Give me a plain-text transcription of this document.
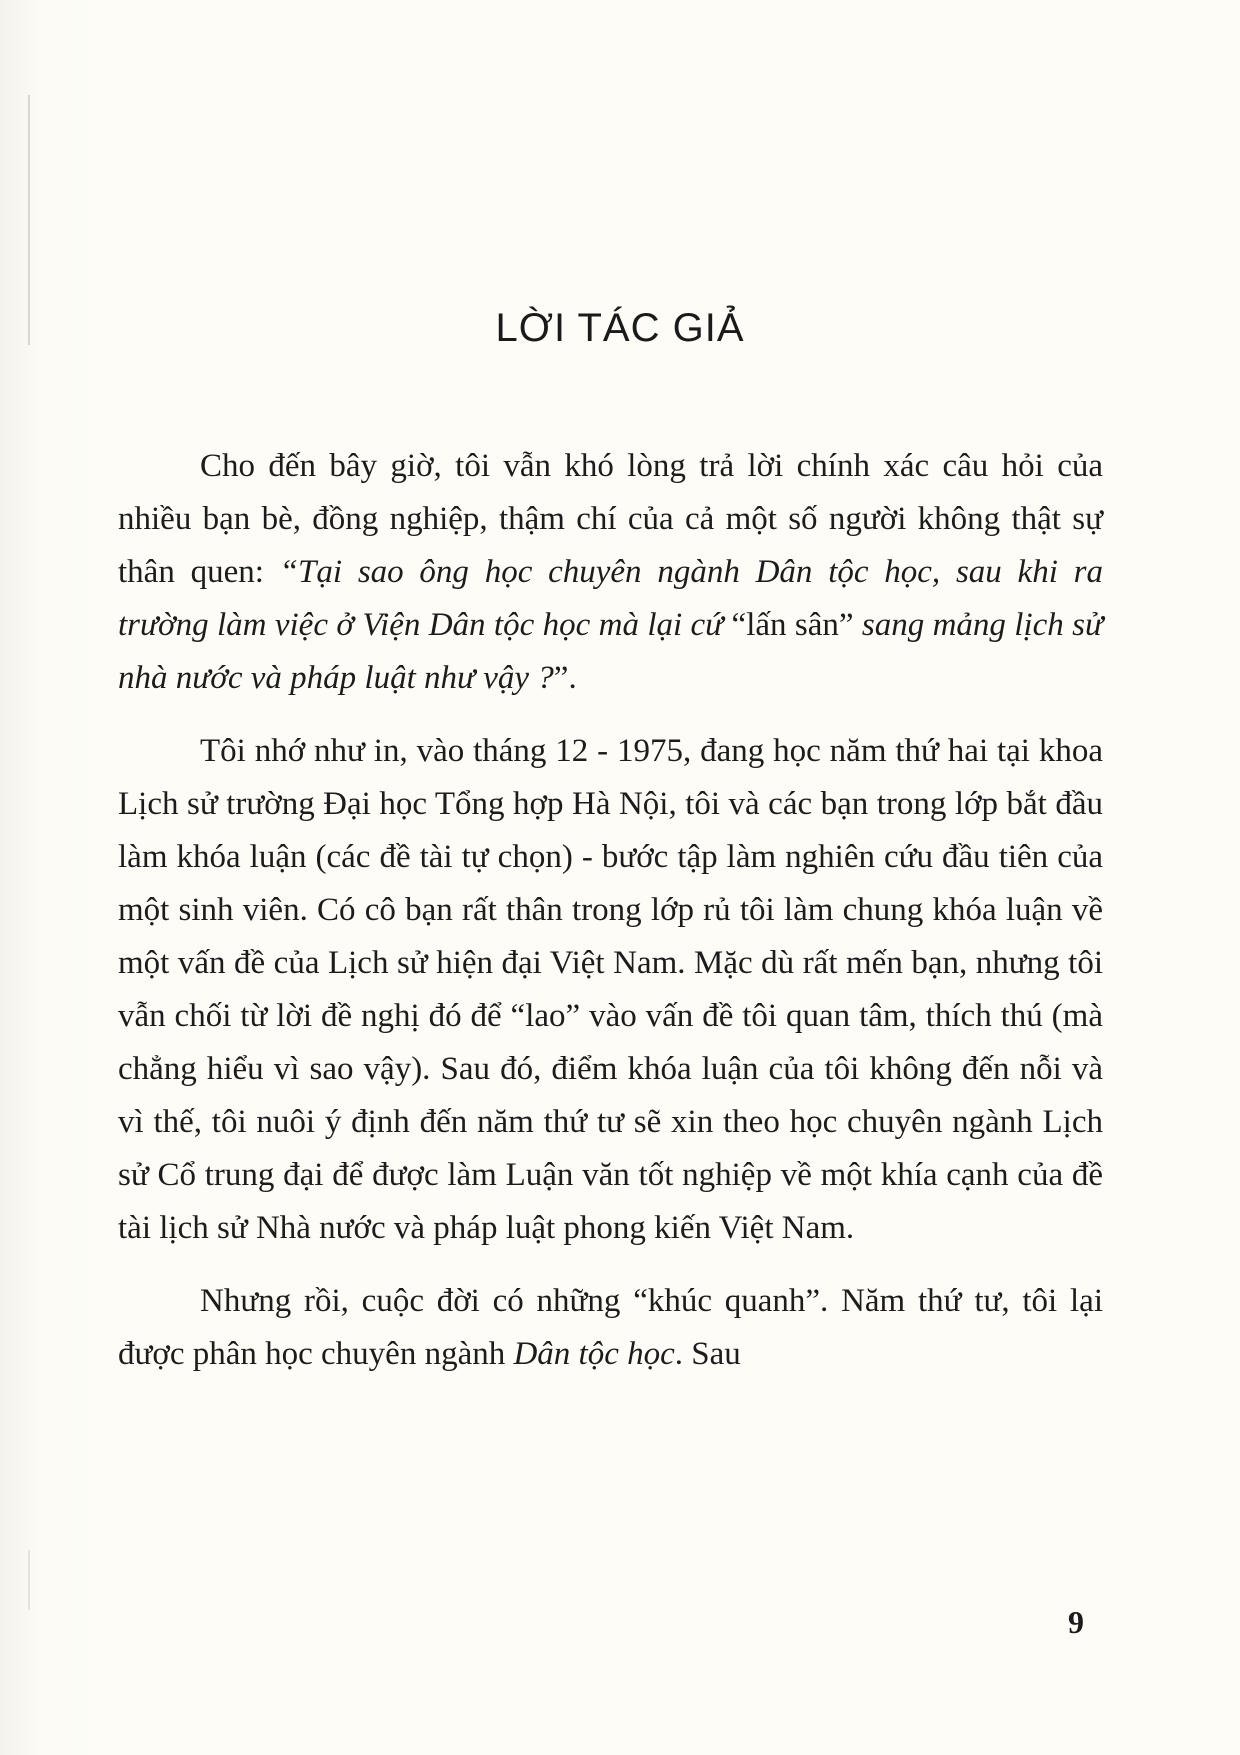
LỜI TÁC GIẢ

Cho đến bây giờ, tôi vẫn khó lòng trả lời chính xác câu hỏi của nhiều bạn bè, đồng nghiệp, thậm chí của cả một số người không thật sự thân quen: “Tại sao ông học chuyên ngành Dân tộc học, sau khi ra trường làm việc ở Viện Dân tộc học mà lại cứ “lấn sân” sang mảng lịch sử nhà nước và pháp luật như vậy ?”.

Tôi nhớ như in, vào tháng 12 - 1975, đang học năm thứ hai tại khoa Lịch sử trường Đại học Tổng hợp Hà Nội, tôi và các bạn trong lớp bắt đầu làm khóa luận (các đề tài tự chọn) - bước tập làm nghiên cứu đầu tiên của một sinh viên. Có cô bạn rất thân trong lớp rủ tôi làm chung khóa luận về một vấn đề của Lịch sử hiện đại Việt Nam. Mặc dù rất mến bạn, nhưng tôi vẫn chối từ lời đề nghị đó để “lao” vào vấn đề tôi quan tâm, thích thú (mà chẳng hiểu vì sao vậy). Sau đó, điểm khóa luận của tôi không đến nỗi và vì thế, tôi nuôi ý định đến năm thứ tư sẽ xin theo học chuyên ngành Lịch sử Cổ trung đại để được làm Luận văn tốt nghiệp về một khía cạnh của đề tài lịch sử Nhà nước và pháp luật phong kiến Việt Nam.

Nhưng rồi, cuộc đời có những “khúc quanh”. Năm thứ tư, tôi lại được phân học chuyên ngành Dân tộc học. Sau

9
